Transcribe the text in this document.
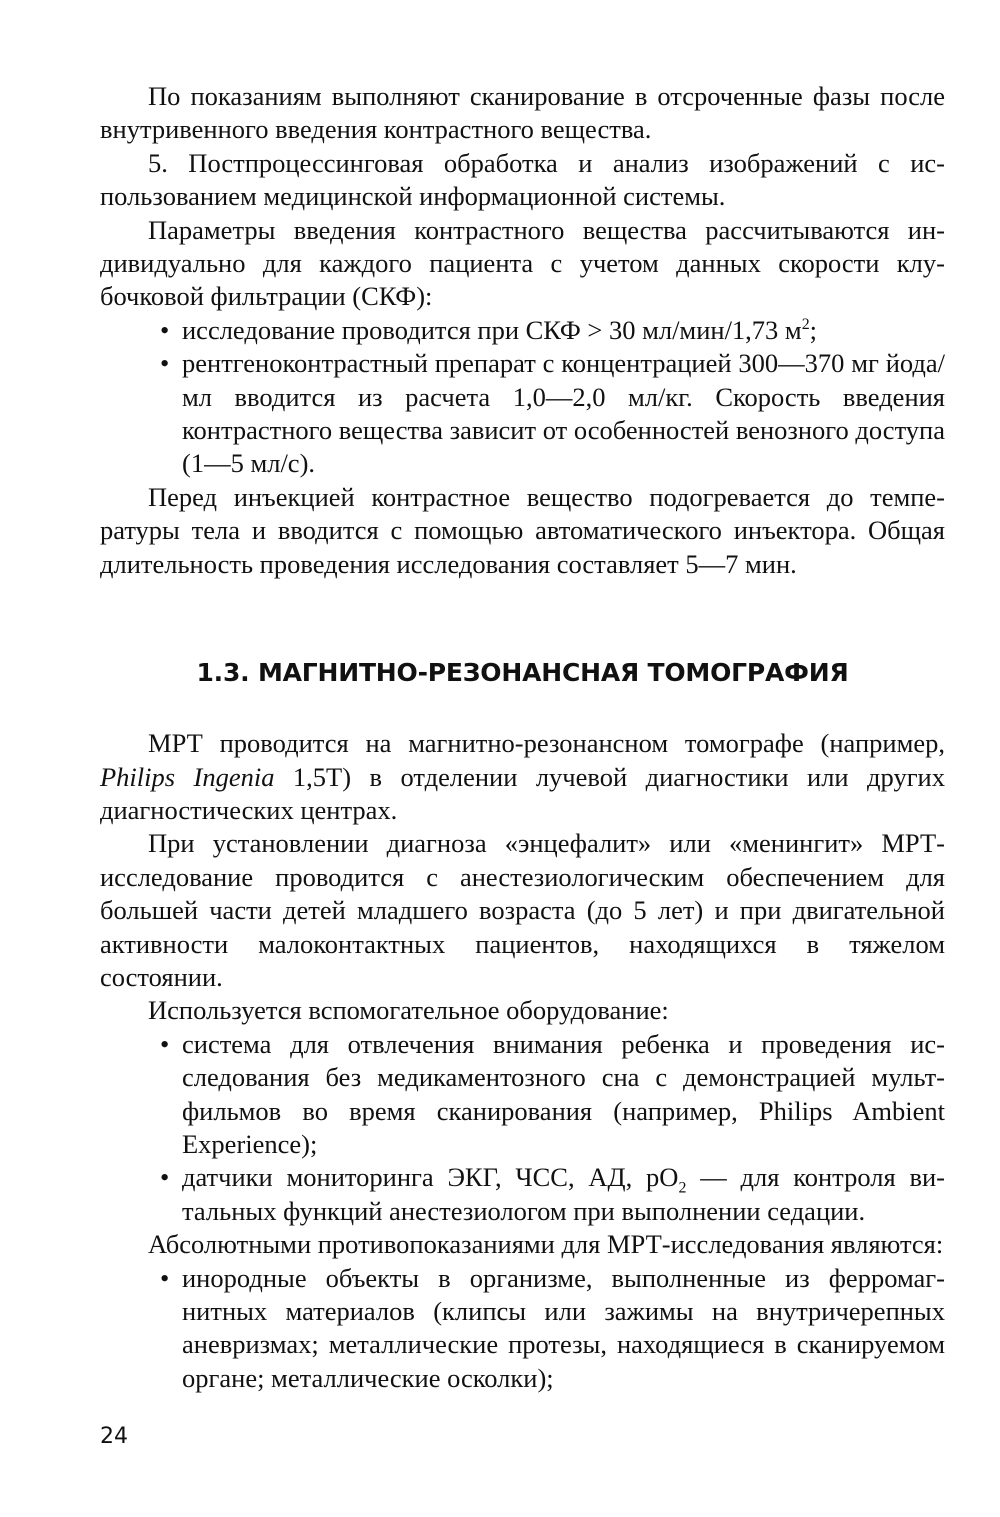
По показаниям выполняют сканирование в отсроченные фазы после внутривенного введения контрастного вещества.

5. Постпроцессинговая обработка и анализ изображений с использованием медицинской информационной системы.

Параметры введения контрастного вещества рассчитываются индивидуально для каждого пациента с учетом данных скорости клубочковой фильтрации (СКФ):

• исследование проводится при СКФ > 30 мл/мин/1,73 $м^2$;
• рентгеноконтрастный препарат с концентрацией 300—370 мг йода/мл вводится из расчета 1,0—2,0 мл/кг. Скорость введения контрастного вещества зависит от особенностей венозного доступа (1—5 мл/с).

Перед инъекцией контрастное вещество подогревается до температуры тела и вводится с помощью автоматического инъектора. Общая длительность проведения исследования составляет 5—7 мин.

1.3. МАГНИТНО-РЕЗОНАНСНАЯ ТОМОГРАФИЯ

МРТ проводится на магнитно-резонансном томографе (например, Philips Ingenia 1,5Т) в отделении лучевой диагностики или других диагностических центрах.

При установлении диагноза «энцефалит» или «менингит» МРТ-исследование проводится с анестезиологическим обеспечением для большей части детей младшего возраста (до 5 лет) и при двигательной активности малоконтактных пациентов, находящихся в тяжелом состоянии.

Используется вспомогательное оборудование:

• система для отвлечения внимания ребенка и проведения исследования без медикаментозного сна с демонстрацией мультфильмов во время сканирования (например, Philips Ambient Experience);
• датчики мониторинга ЭКГ, ЧСС, АД, $pO_2$ — для контроля витальных функций анестезиологом при выполнении седации.

Абсолютными противопоказаниями для МРТ-исследования являются:

• инородные объекты в организме, выполненные из ферромагнитных материалов (клипсы или зажимы на внутричерепных аневризмах; металлические протезы, находящиеся в сканируемом органе; металлические осколки);
24
